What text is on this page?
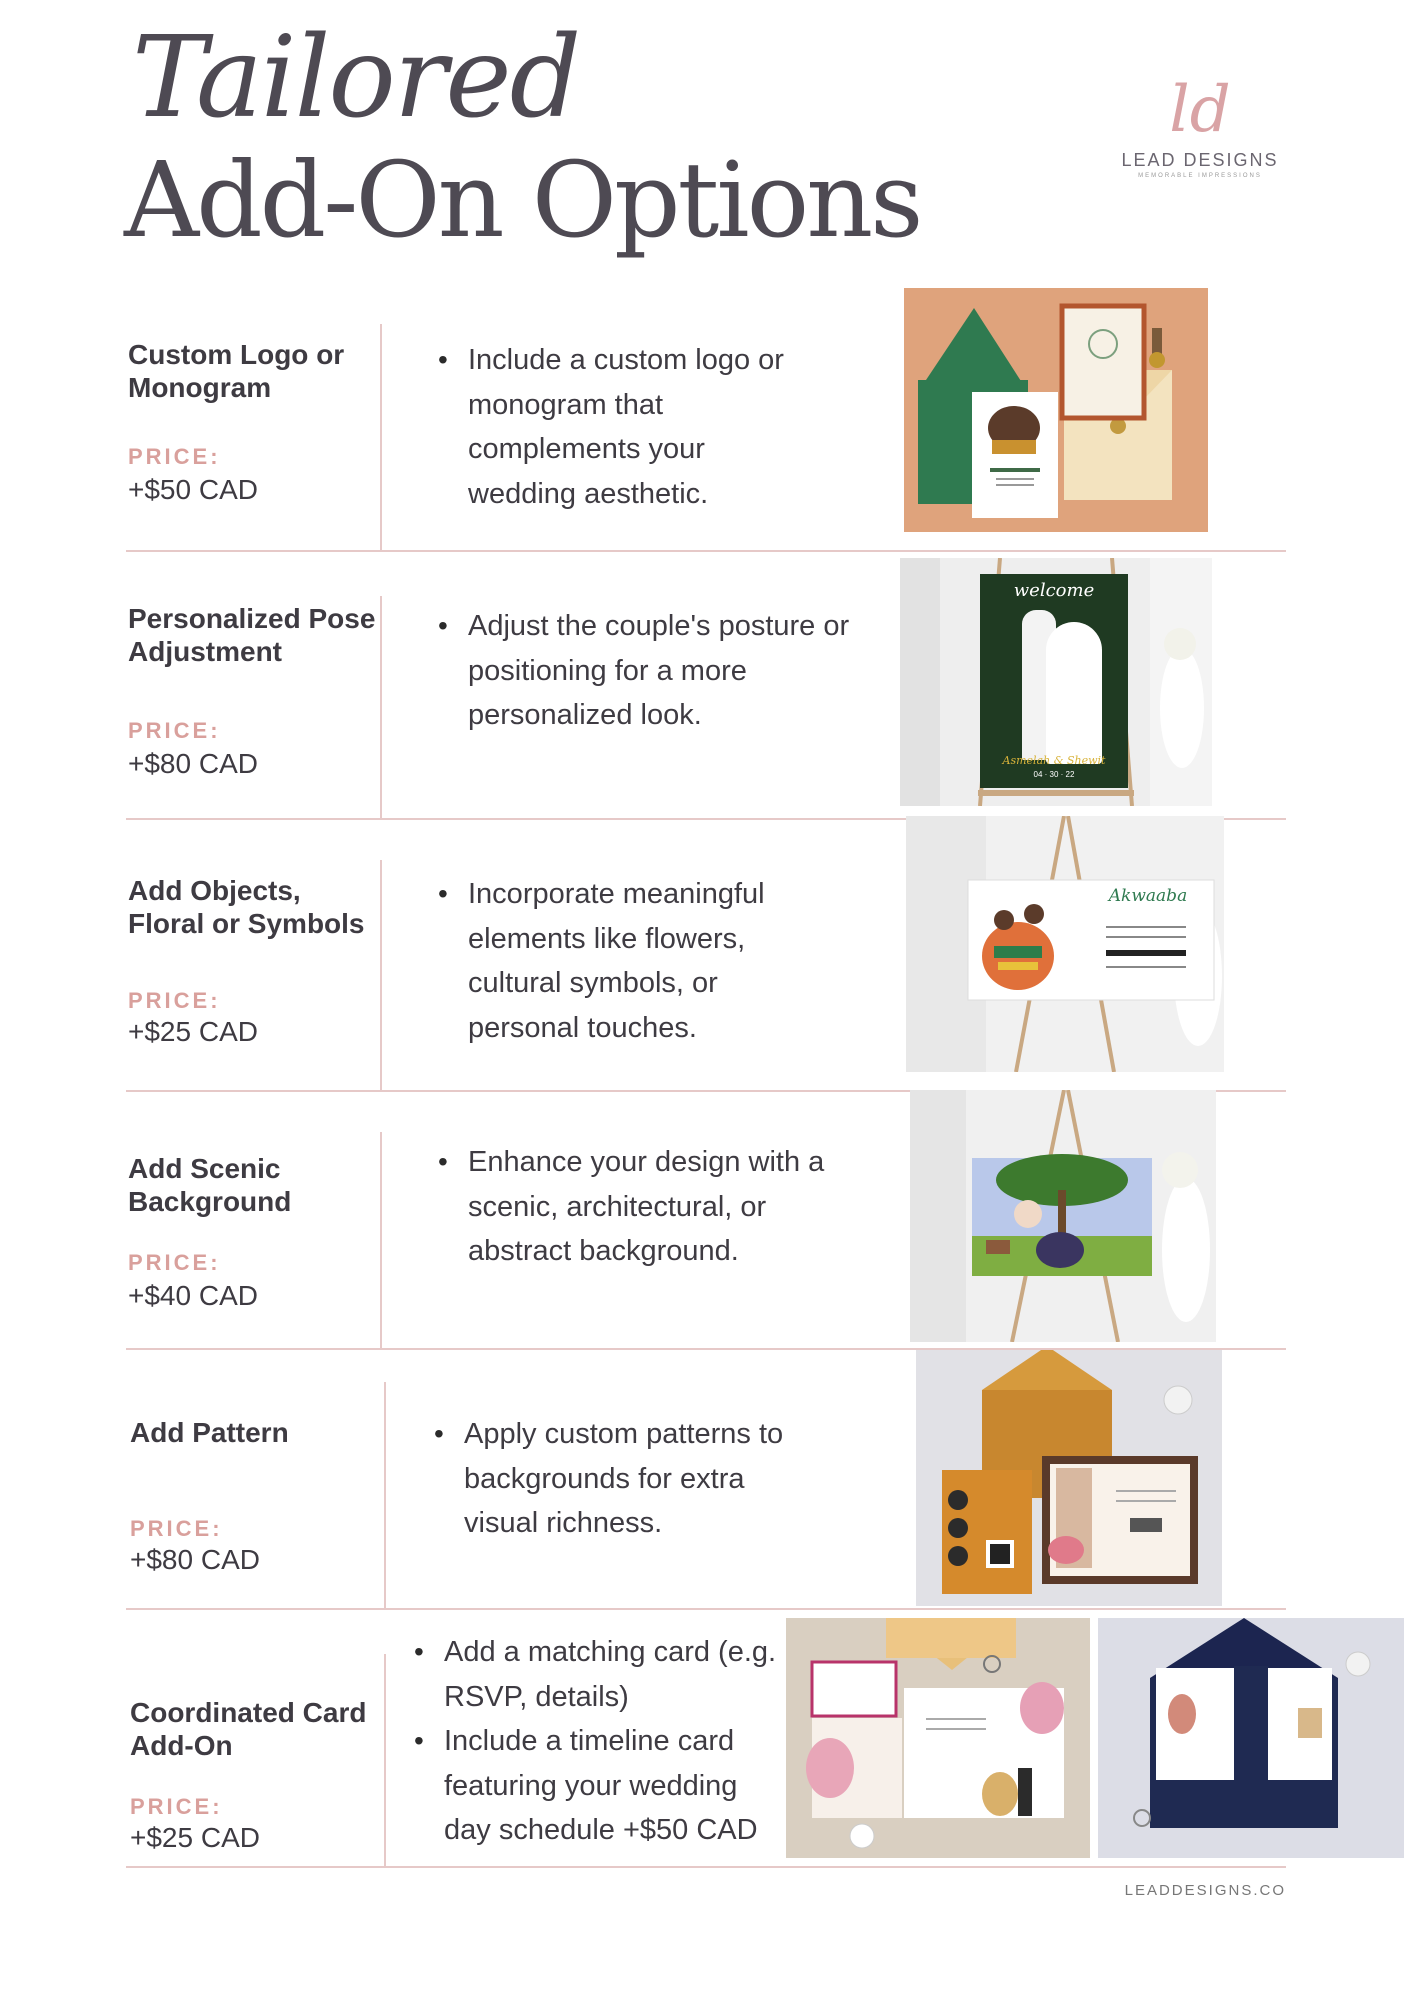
Tailored
Add-On Options
ld
LEAD DESIGNS
MEMORABLE IMPRESSIONS
Custom Logo or Monogram
PRICE:
+$50 CAD
• Include a custom logo or monogram that complements your wedding aesthetic.
Personalized Pose Adjustment
PRICE:
+$80 CAD
• Adjust the couple's posture or positioning for a more personalized look.
welcome
Asmelah & Shewit
04 · 30 · 22
Add Objects, Floral or Symbols
PRICE:
+$25 CAD
• Incorporate meaningful elements like flowers, cultural symbols, or personal touches.
Akwaaba
Add Scenic Background
PRICE:
+$40 CAD
• Enhance your design with a scenic, architectural, or abstract background.
Add Pattern
PRICE:
+$80 CAD
• Apply custom patterns to backgrounds for extra visual richness.
Coordinated Card Add-On
PRICE:
+$25 CAD
• Add a matching card (e.g. RSVP, details)
• Include a timeline card featuring your wedding day schedule +$50 CAD
LEADDESIGNS.CO
